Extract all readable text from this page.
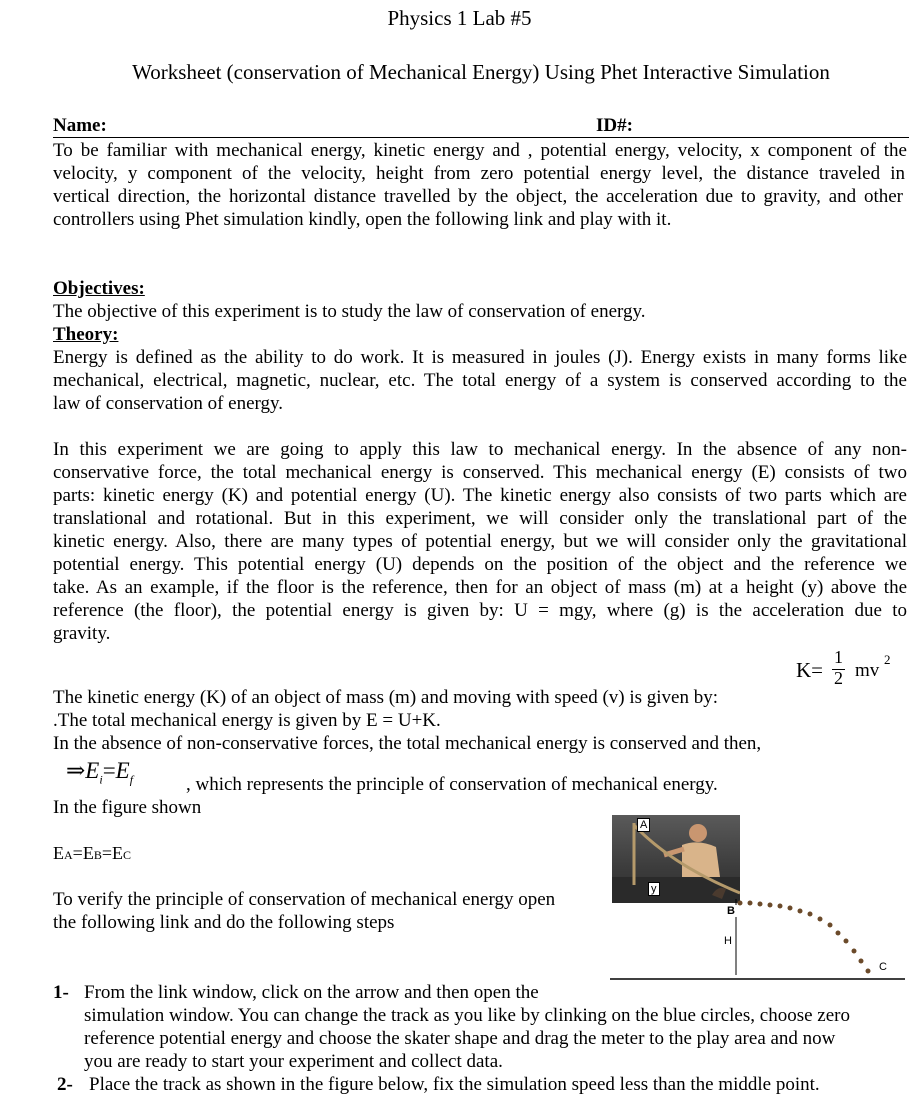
Physics 1 Lab #5
Worksheet (conservation of Mechanical Energy) Using Phet Interactive Simulation
Name:	ID#:
To be familiar with mechanical energy, kinetic energy and , potential energy, velocity, x component of the
velocity, y component of the velocity, height from zero potential energy level, the distance traveled in
vertical direction, the horizontal distance travelled by the object, the acceleration due to gravity, and other
controllers using Phet simulation kindly, open the following link and play with it.
Objectives:
The objective of this experiment is to study the law of conservation of energy.
Theory:
Energy is defined as the ability to do work. It is measured in joules (J). Energy exists in many forms like
mechanical, electrical, magnetic, nuclear, etc. The total energy of a system is conserved according to the
law of conservation of energy.
In this experiment we are going to apply this law to mechanical energy. In the absence of any non-
conservative force, the total mechanical energy is conserved. This mechanical energy (E) consists of two
parts: kinetic energy (K) and potential energy (U). The kinetic energy also consists of two parts which are
translational and rotational. But in this experiment, we will consider only the translational part of the
kinetic energy. Also, there are many types of potential energy, but we will consider only the gravitational
potential energy. This potential energy (U) depends on the position of the object and the reference we
take. As an example, if the floor is the reference, then for an object of mass (m) at a height (y) above the
reference (the floor), the potential energy is given by: U = mgy, where (g) is the acceleration due to
gravity.
K=
1
2 mv
2
The kinetic energy (K) of an object of mass (m) and moving with speed (v) is given by:
.The total mechanical energy is given by E = U+K.
In the absence of non-conservative forces, the total mechanical energy is conserved and then,
$\Rightarrow E_i=E_f$	, which represents the principle of conservation of mechanical energy.
In the figure shown
EA=EB=EC
To verify the principle of conservation of mechanical energy open
the following link and do the following steps
A
y
B
H
C
1- From the link window, click on the arrow and then open the
simulation window. You can change the track as you like by clinking on the blue circles, choose zero
reference potential energy and choose the skater shape and drag the meter to the play area and now
you are ready to start your experiment and collect data.
2- Place the track as shown in the figure below, fix the simulation speed less than the middle point.
